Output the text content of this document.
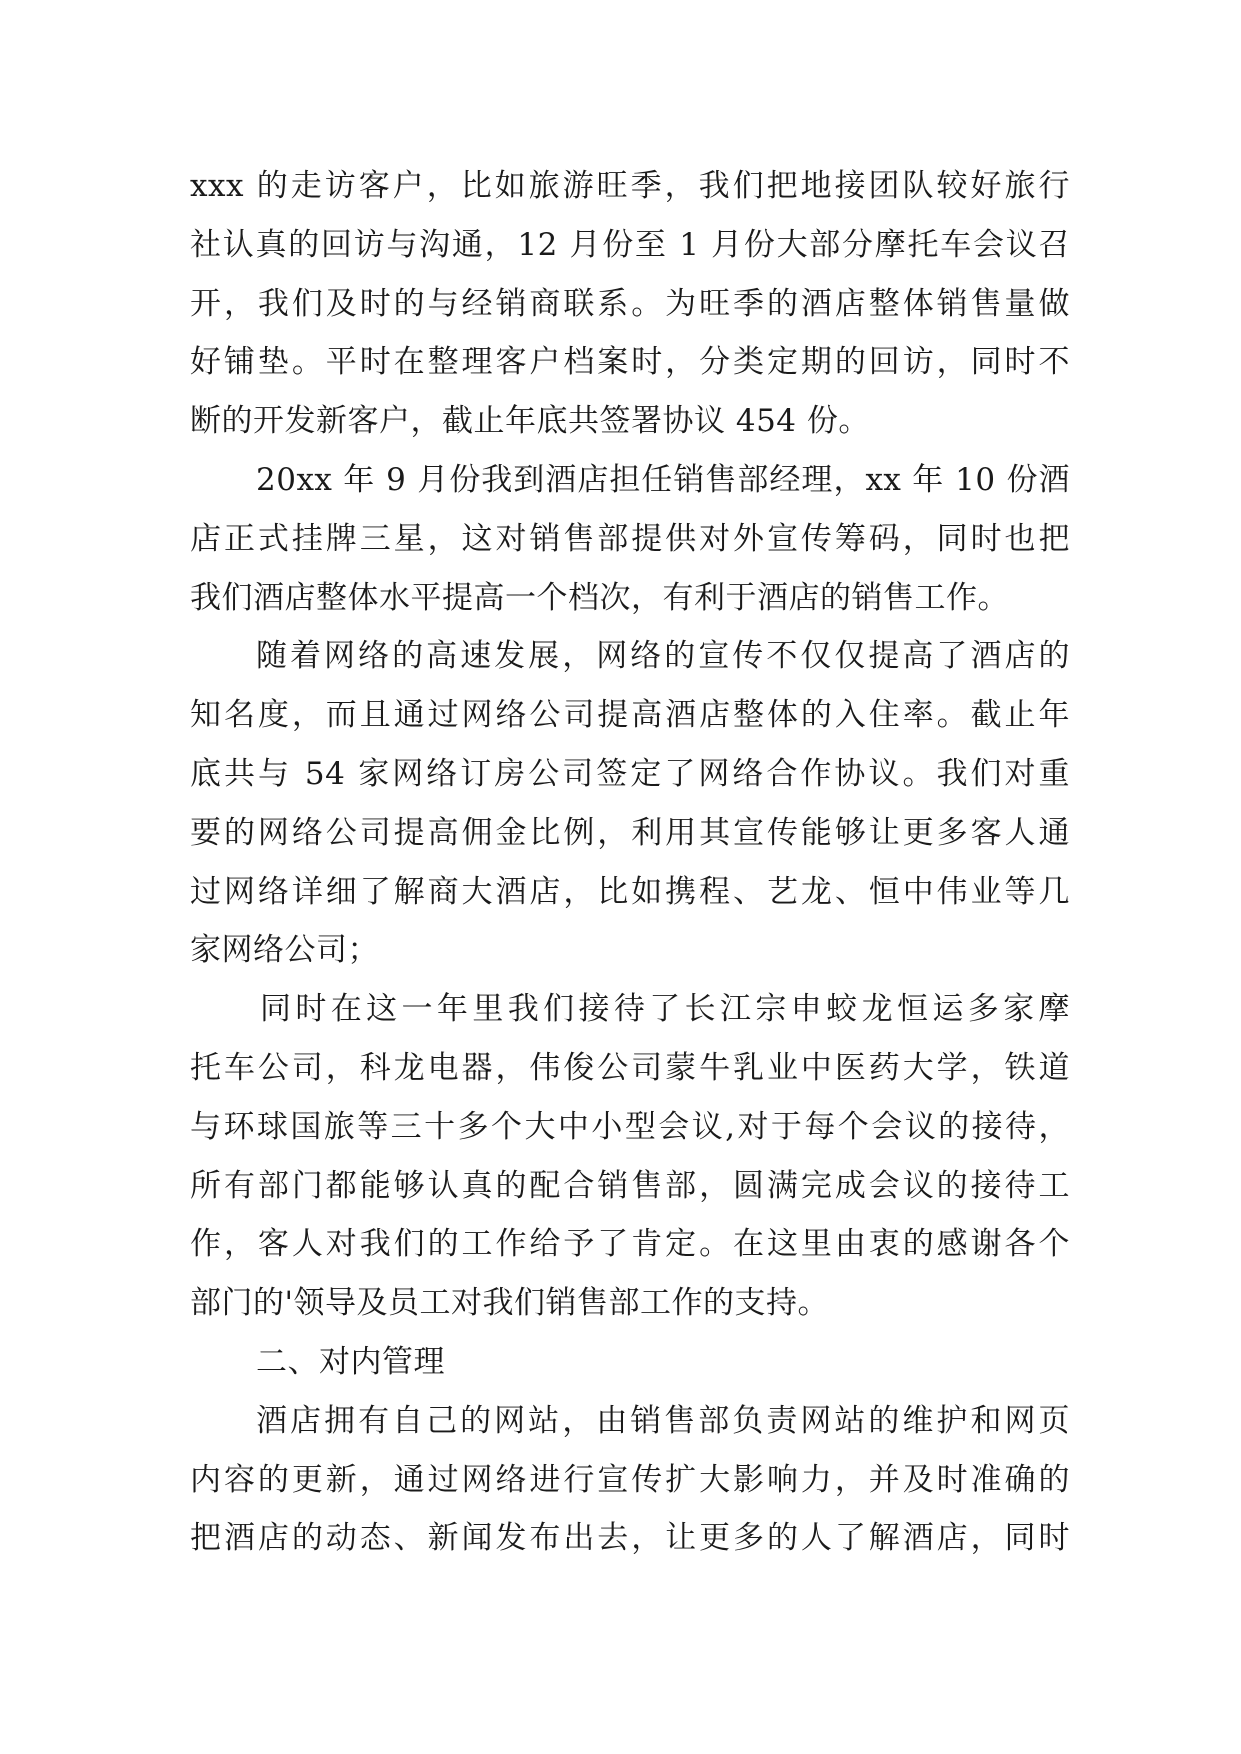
xxx 的走访客户，比如旅游旺季，我们把地接团队较好旅行
社认真的回访与沟通，12 月份至 1 月份大部分摩托车会议召
开，我们及时的与经销商联系。为旺季的酒店整体销售量做
好铺垫。平时在整理客户档案时，分类定期的回访，同时不
断的开发新客户，截止年底共签署协议 454 份。
20xx 年 9 月份我到酒店担任销售部经理，xx 年 10 份酒
店正式挂牌三星，这对销售部提供对外宣传筹码，同时也把
我们酒店整体水平提高一个档次，有利于酒店的销售工作。
随着网络的高速发展，网络的宣传不仅仅提高了酒店的
知名度，而且通过网络公司提高酒店整体的入住率。截止年
底共与 54 家网络订房公司签定了网络合作协议。我们对重
要的网络公司提高佣金比例，利用其宣传能够让更多客人通
过网络详细了解商大酒店，比如携程、艺龙、恒中伟业等几
家网络公司；
同时在这一年里我们接待了长江宗申蛟龙恒运多家摩
托车公司，科龙电器，伟俊公司蒙牛乳业中医药大学，铁道
与环球国旅等三十多个大中小型会议,对于每个会议的接待，
所有部门都能够认真的配合销售部，圆满完成会议的接待工
作，客人对我们的工作给予了肯定。在这里由衷的感谢各个
部门的'领导及员工对我们销售部工作的支持。
二、对内管理
酒店拥有自己的网站，由销售部负责网站的维护和网页
内容的更新，通过网络进行宣传扩大影响力，并及时准确的
把酒店的动态、新闻发布出去，让更多的人了解酒店，同时
